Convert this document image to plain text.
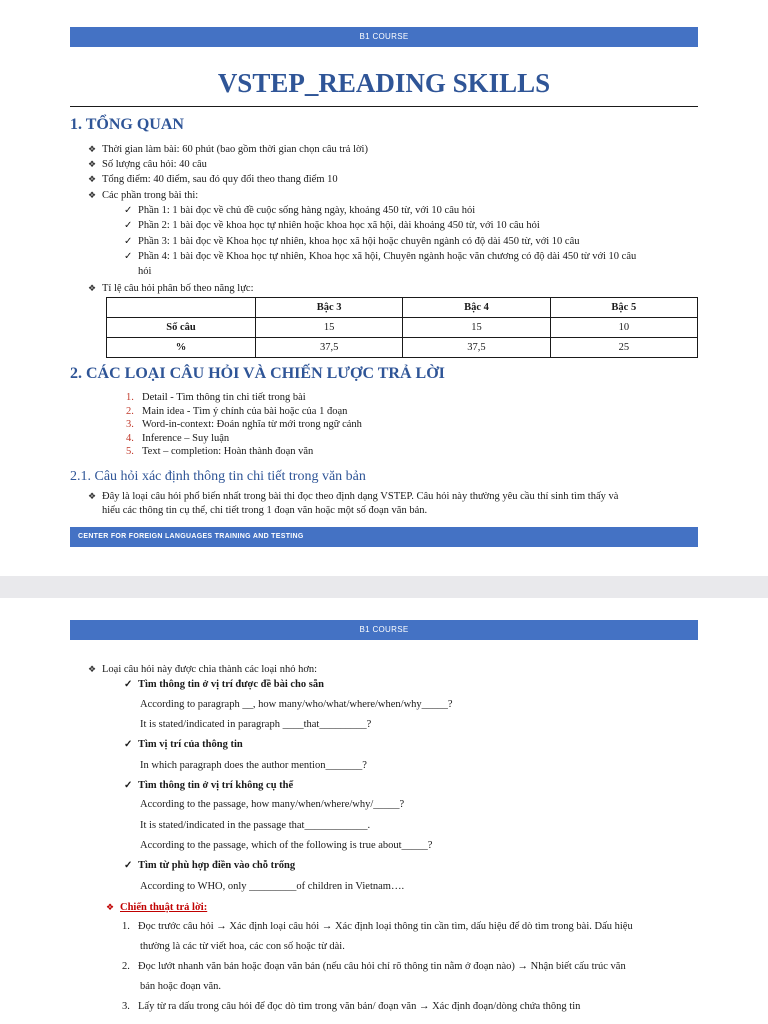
B1 COURSE
VSTEP_READING SKILLS
1. TỔNG QUAN
❖ Thời gian làm bài: 60 phút (bao gồm thời gian chọn câu trả lời)
❖ Số lượng câu hỏi: 40 câu
❖ Tổng điểm: 40 điểm, sau đó quy đổi theo thang điểm 10
❖ Các phần trong bài thi:
✓ Phần 1: 1 bài đọc về chủ đề cuộc sống hàng ngày, khoảng 450 từ, với 10 câu hỏi
✓ Phần 2: 1 bài đọc về khoa học tự nhiên hoặc khoa học xã hội, dài khoảng 450 từ, với 10 câu hỏi
✓ Phần 3: 1 bài đọc về Khoa học tự nhiên, khoa học xã hội hoặc chuyên ngành có độ dài 450 từ, với 10 câu
✓ Phần 4: 1 bài đọc về Khoa học tự nhiên, Khoa học xã hội, Chuyên ngành hoặc văn chương có độ dài 450 từ với 10 câu
hỏi
❖ Tỉ lệ câu hỏi phân bố theo năng lực:
	Bậc 3	Bậc 4	Bậc 5
Số câu	15	15	10
%	37,5	37,5	25
2. CÁC LOẠI CÂU HỎI VÀ CHIẾN LƯỢC TRẢ LỜI
1. Detail - Tìm thông tin chi tiết trong bài
2. Main idea - Tìm ý chính của bài hoặc của 1 đoạn
3. Word-in-context: Đoán nghĩa từ mới trong ngữ cảnh
4. Inference – Suy luận
5. Text – completion: Hoàn thành đoạn văn
2.1. Câu hỏi xác định thông tin chi tiết trong văn bản
❖ Đây là loại câu hỏi phổ biến nhất trong bài thi đọc theo định dạng VSTEP. Câu hỏi này thường yêu cầu thí sinh tìm thấy và
hiểu các thông tin cụ thể, chi tiết trong 1 đoạn văn hoặc một số đoạn văn bản.
CENTER FOR FOREIGN LANGUAGES TRAINING AND TESTING
B1 COURSE
❖ Loại câu hỏi này được chia thành các loại nhỏ hơn:
✓ Tìm thông tin ở vị trí được đề bài cho sẵn
According to paragraph __, how many/who/what/where/when/why_____?
It is stated/indicated in paragraph ____that_________?
✓ Tìm vị trí của thông tin
In which paragraph does the author mention_______?
✓ Tìm thông tin ở vị trí không cụ thể
According to the passage, how many/when/where/why/_____?
It is stated/indicated in the passage that____________.
According to the passage, which of the following is true about_____?
✓ Tìm từ phù hợp điền vào chỗ trống
According to WHO, only _________of children in Vietnam….
❖ Chiến thuật trả lời:
1. Đọc trước câu hỏi → Xác định loại câu hỏi → Xác định loại thông tin cần tìm, dấu hiệu để dò tìm trong bài. Dấu hiệu
thường là các từ viết hoa, các con số hoặc từ dài.
2. Đọc lướt nhanh văn bản hoặc đoạn văn bản (nếu câu hỏi chỉ rõ thông tin nằm ở đoạn nào) → Nhận biết cấu trúc văn
bản hoặc đoạn văn.
3. Lấy từ ra dấu trong câu hỏi để đọc dò tìm trong văn bản/ đoạn văn → Xác định đoạn/dòng chứa thông tin
